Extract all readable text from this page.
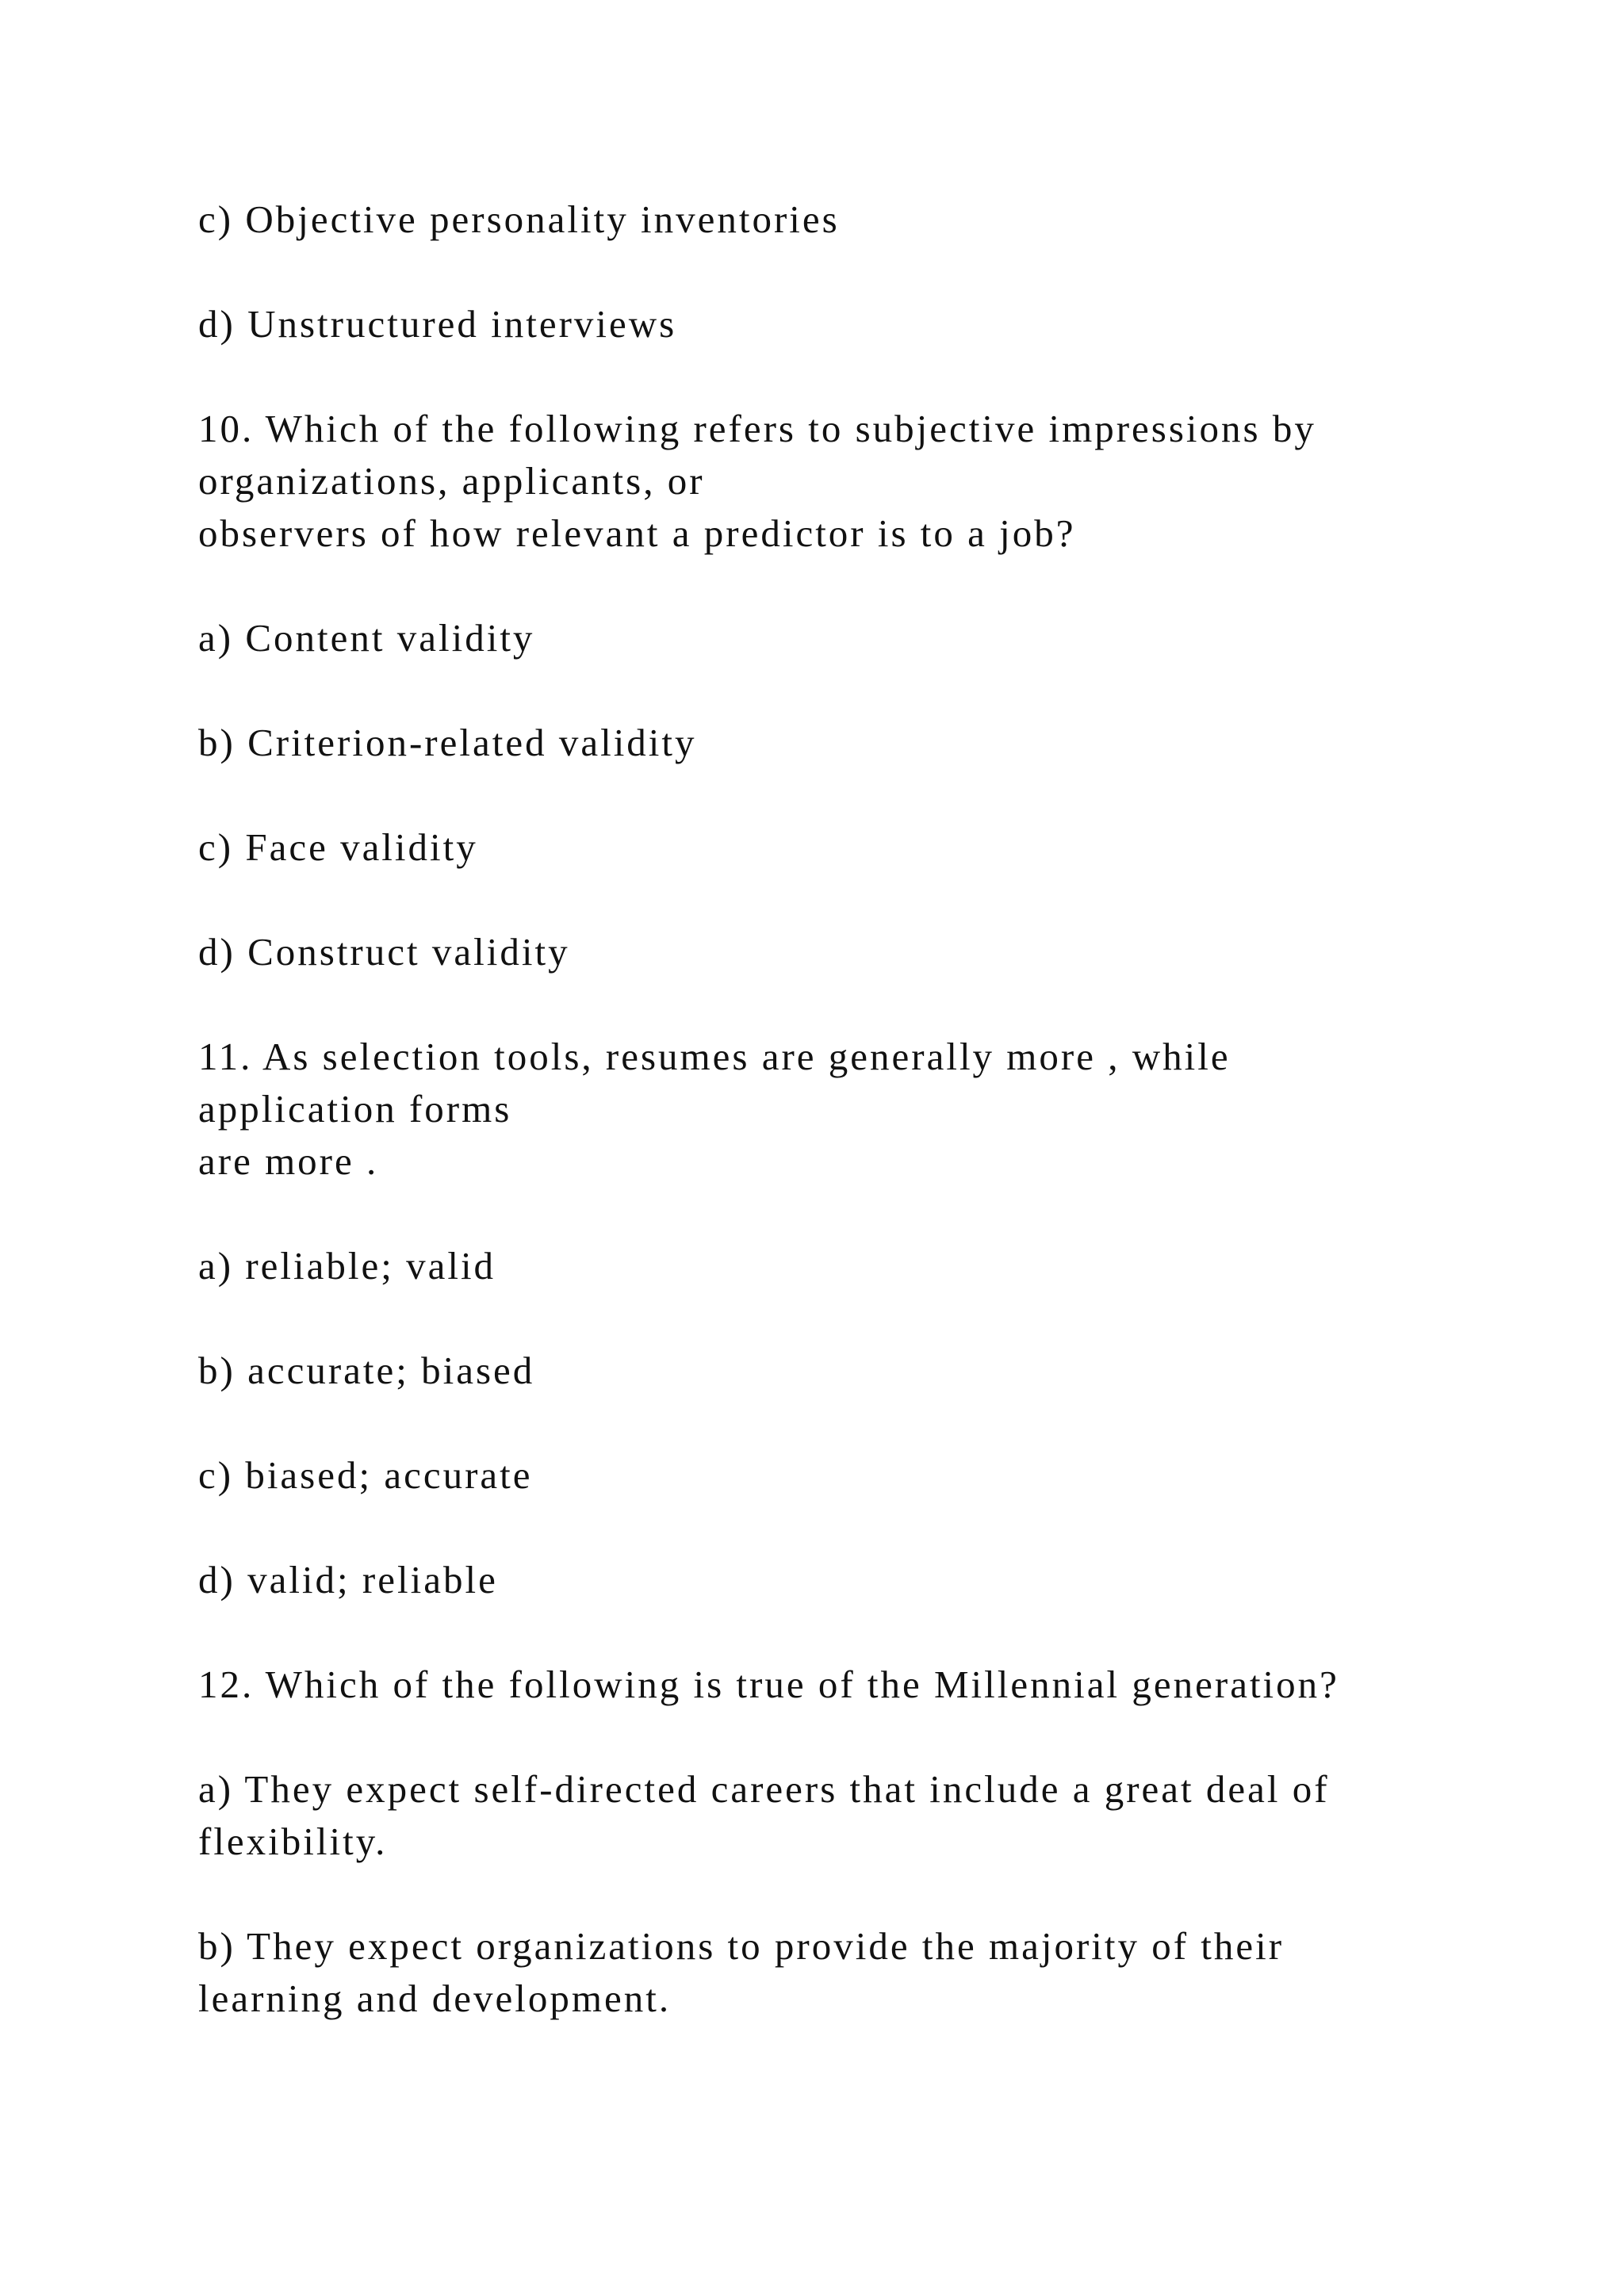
c) Objective personality inventories

d) Unstructured interviews

10. Which of the following refers to subjective impressions by
organizations, applicants, or
observers of how relevant a predictor is to a job?

a) Content validity

b) Criterion-related validity

c) Face validity

d) Construct validity

11. As selection tools, resumes are generally more , while
application forms
are more .

a) reliable; valid

b) accurate; biased

c) biased; accurate

d) valid; reliable

12. Which of the following is true of the Millennial generation?

a) They expect self-directed careers that include a great deal of
flexibility.

b) They expect organizations to provide the majority of their
learning and development.
